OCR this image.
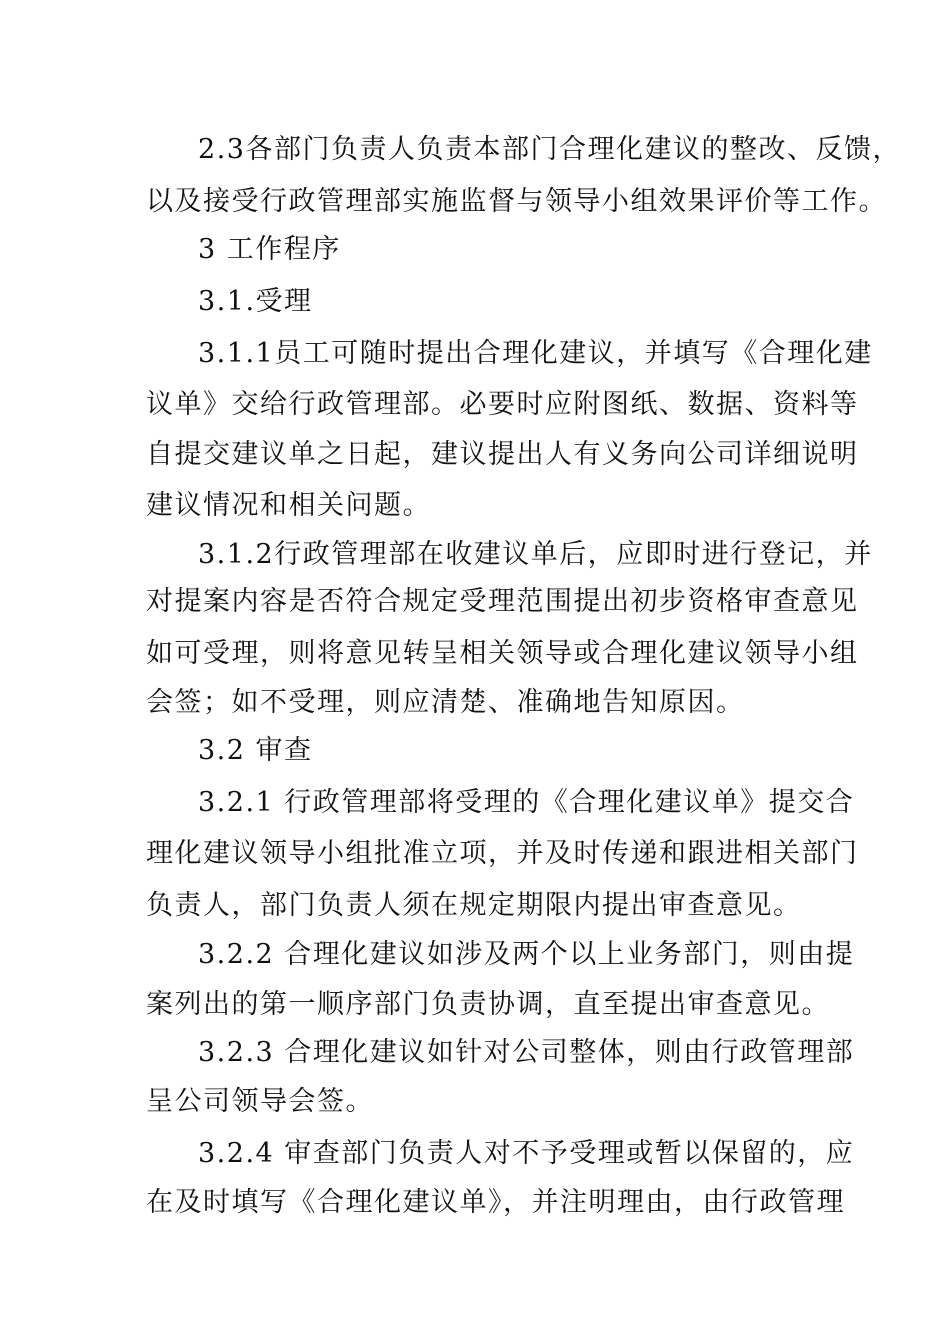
2.3各部门负责人负责本部门合理化建议的整改、反馈，
以及接受行政管理部实施监督与领导小组效果评价等工作。
3 工作程序
3.1.受理
3.1.1员工可随时提出合理化建议，并填写《合理化建
议单》交给行政管理部。必要时应附图纸、数据、资料等
自提交建议单之日起，建议提出人有义务向公司详细说明
建议情况和相关问题。
3.1.2行政管理部在收建议单后，应即时进行登记，并
对提案内容是否符合规定受理范围提出初步资格审查意见
如可受理，则将意见转呈相关领导或合理化建议领导小组
会签；如不受理，则应清楚、准确地告知原因。
3.2 审查
3.2.1 行政管理部将受理的《合理化建议单》提交合
理化建议领导小组批准立项，并及时传递和跟进相关部门
负责人，部门负责人须在规定期限内提出审查意见。
3.2.2 合理化建议如涉及两个以上业务部门，则由提
案列出的第一顺序部门负责协调，直至提出审查意见。
3.2.3 合理化建议如针对公司整体，则由行政管理部
呈公司领导会签。
3.2.4 审查部门负责人对不予受理或暂以保留的，应
在及时填写《合理化建议单》，并注明理由，由行政管理
